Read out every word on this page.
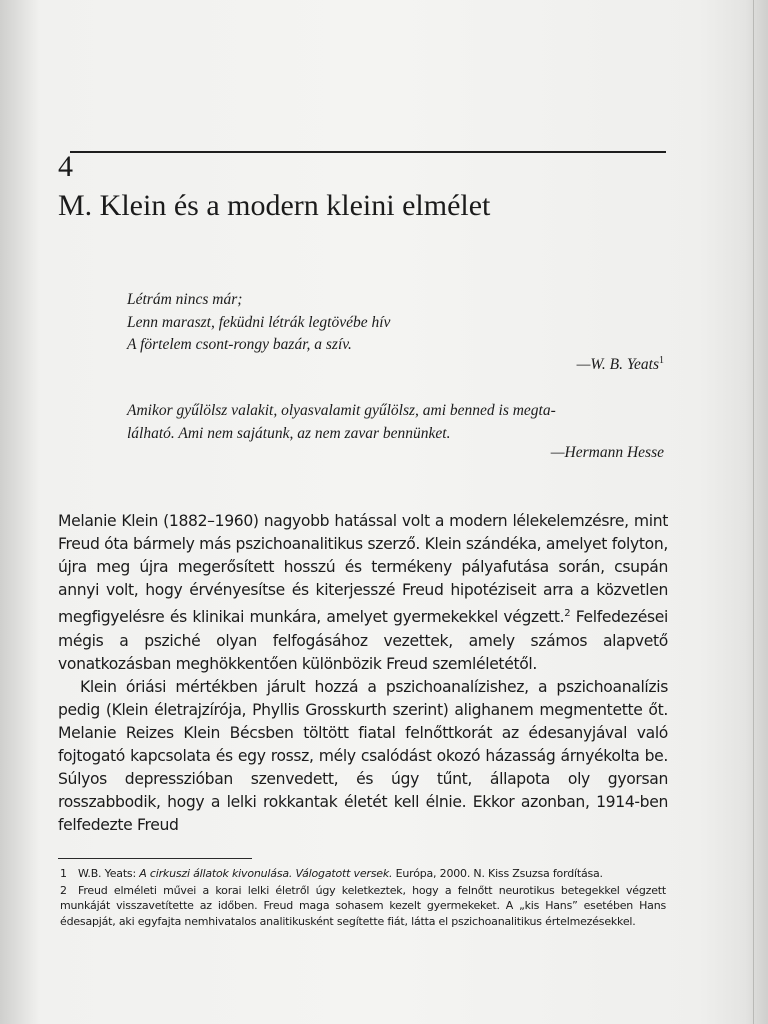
4
M. Klein és a modern kleini elmélet
Létrám nincs már;
Lenn maraszt, feküdni létrák legtövébe hív
A förtelem csont-rongy bazár, a szív.
—W. B. Yeats$^1$
Amikor gyűlölsz valakit, olyasvalamit gyűlölsz, ami benned is megta-
lálható. Ami nem sajátunk, az nem zavar bennünket.
—Hermann Hesse

Melanie Klein (1882–1960) nagyobb hatással volt a modern lélekelemzésre, mint Freud óta bármely más pszichoanalitikus szerző. Klein szándéka, amelyet folyton, újra meg újra megerősített hosszú és termékeny pályafutása során, csupán annyi volt, hogy érvényesítse és kiterjesszé Freud hipotéziseit arra a közvetlen megfigyelésre és klinikai munkára, amelyet gyermekekkel végzett.$^2$ Felfedezései mégis a psziché olyan felfogásához vezettek, amely számos alapvető vonatkozásban meghökkentően különbözik Freud szemléletétől.

Klein óriási mértékben járult hozzá a pszichoanalízishez, a pszichoanalízis pedig (Klein életrajzírója, Phyllis Grosskurth szerint) alighanem megmentette őt. Melanie Reizes Klein Bécsben töltött fiatal felnőttkorát az édesanyjával való fojtogató kapcsolata és egy rossz, mély csalódást okozó házasság árnyékolta be. Súlyos depresszióban szenvedett, és úgy tűnt, állapota oly gyorsan rosszabbodik, hogy a lelki rokkantak életét kell élnie. Ekkor azonban, 1914-ben felfedezte Freud

1 W.B. Yeats: A cirkuszi állatok kivonulása. Válogatott versek. Európa, 2000. N. Kiss Zsuzsa fordítása.

2 Freud elméleti művei a korai lelki életről úgy keletkeztek, hogy a felnőtt neurotikus betegekkel végzett munkáját visszavetítette az időben. Freud maga sohasem kezelt gyermekeket. A „kis Hans” esetében Hans édesapját, aki egyfajta nemhivatalos analitikusként segítette fiát, látta el pszichoanalitikus értelmezésekkel.
